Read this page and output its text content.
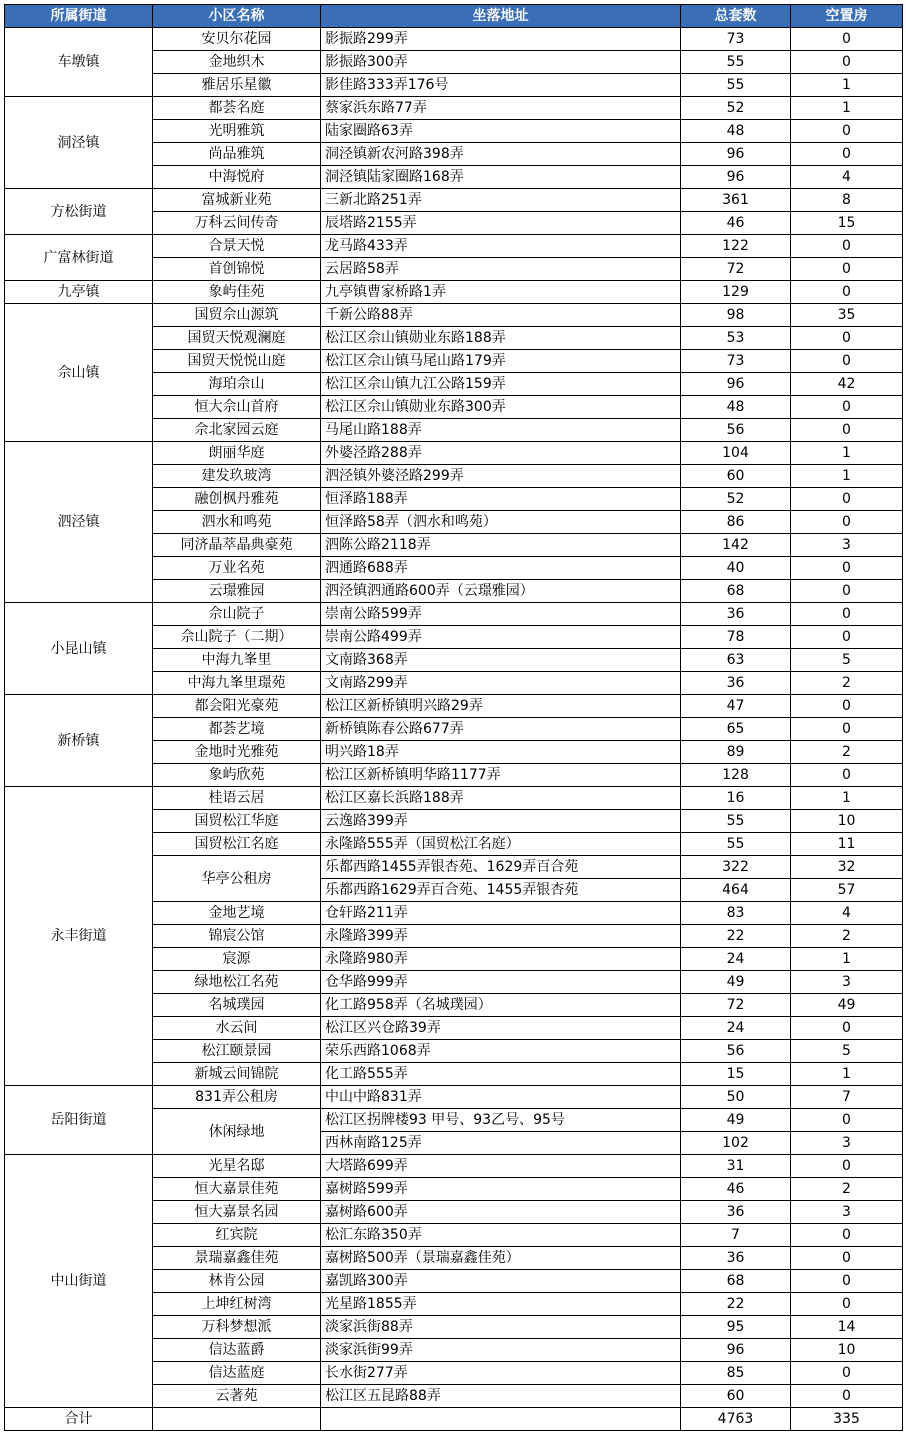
所属街道	小区名称	坐落地址	总套数	空置房
车墩镇	安贝尔花园	影振路299弄	73	0
	金地织木	影振路300弄	55	0
	雅居乐星徽	影佳路333弄176号	55	1
洞泾镇	都荟名庭	蔡家浜东路77弄	52	1
	光明雅筑	陆家圈路63弄	48	0
	尚品雅筑	洞泾镇新农河路398弄	96	0
	中海悦府	洞泾镇陆家圈路168弄	96	4
方松街道	富城新业苑	三新北路251弄	361	8
	万科云间传奇	辰塔路2155弄	46	15
广富林街道	合景天悦	龙马路433弄	122	0
	首创锦悦	云居路58弄	72	0
九亭镇	象屿佳苑	九亭镇曹家桥路1弄	129	0
佘山镇	国贸佘山源筑	千新公路88弄	98	35
	国贸天悦观澜庭	松江区佘山镇勋业东路188弄	53	0
	国贸天悦悦山庭	松江区佘山镇马尾山路179弄	73	0
	海珀佘山	松江区佘山镇九江公路159弄	96	42
	恒大佘山首府	松江区佘山镇勋业东路300弄	48	0
	佘北家园云庭	马尾山路188弄	56	0
泗泾镇	朗丽华庭	外婆泾路288弄	104	1
	建发玖玻湾	泗泾镇外婆泾路299弄	60	1
	融创枫丹雅苑	恒泽路188弄	52	0
	泗水和鸣苑	恒泽路58弄（泗水和鸣苑）	86	0
	同济晶萃晶典豪苑	泗陈公路2118弄	142	3
	万业名苑	泗通路688弄	40	0
	云璟雅园	泗泾镇泗通路600弄（云璟雅园）	68	0
小昆山镇	佘山院子	崇南公路599弄	36	0
	佘山院子（二期）	崇南公路499弄	78	0
	中海九峯里	文南路368弄	63	5
	中海九峯里璟苑	文南路299弄	36	2
新桥镇	都会阳光豪苑	松江区新桥镇明兴路29弄	47	0
	都荟艺境	新桥镇陈春公路677弄	65	0
	金地时光雅苑	明兴路18弄	89	2
	象屿欣苑	松江区新桥镇明华路1177弄	128	0
永丰街道	桂语云居	松江区嘉长浜路188弄	16	1
	国贸松江华庭	云逸路399弄	55	10
	国贸松江名庭	永隆路555弄（国贸松江名庭）	55	11
	华亭公租房	乐都西路1455弄银杏苑、1629弄百合苑	322	32
		乐都西路1629弄百合苑、1455弄银杏苑	464	57
	金地艺境	仓轩路211弄	83	4
	锦宸公馆	永隆路399弄	22	2
	宸源	永隆路980弄	24	1
	绿地松江名苑	仓华路999弄	49	3
	名城璞园	化工路958弄（名城璞园）	72	49
	水云间	松江区兴仓路39弄	24	0
	松江颐景园	荣乐西路1068弄	56	5
	新城云间锦院	化工路555弄	15	1
岳阳街道	831弄公租房	中山中路831弄	50	7
	休闲绿地	松江区拐牌楼93 甲号、93乙号、95号	49	0
		西林南路125弄	102	3
中山街道	光星名邸	大塔路699弄	31	0
	恒大嘉景佳苑	嘉树路599弄	46	2
	恒大嘉景名园	嘉树路600弄	36	3
	红宾院	松汇东路350弄	7	0
	景瑞嘉鑫佳苑	嘉树路500弄（景瑞嘉鑫佳苑）	36	0
	林肯公园	嘉凯路300弄	68	0
	上坤红树湾	光星路1855弄	22	0
	万科梦想派	淡家浜街88弄	95	14
	信达蓝爵	淡家浜街99弄	96	10
	信达蓝庭	长水街277弄	85	0
	云著苑	松江区五昆路88弄	60	0
合计			4763	335
